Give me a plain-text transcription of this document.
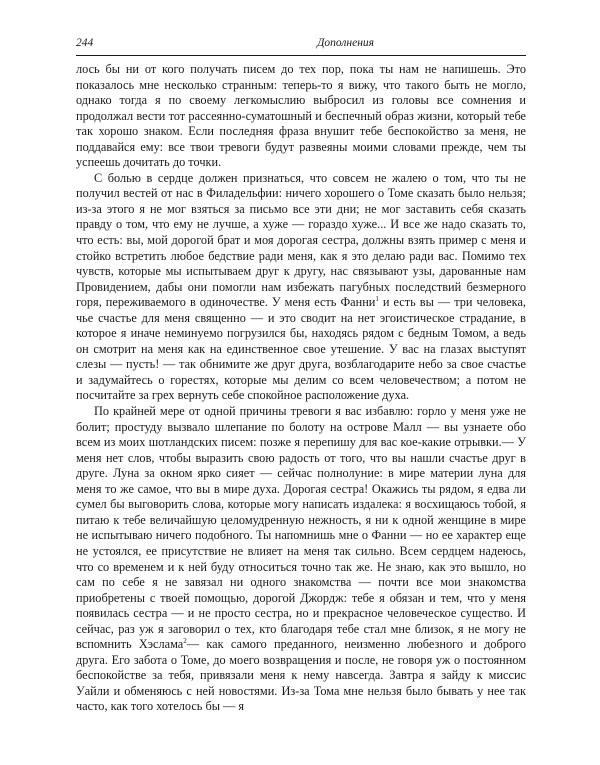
244	Дополнения

лось бы ни от кого получать писем до тех пор, пока ты нам не напишешь. Это показалось мне несколько странным: теперь-то я вижу, что такого быть не могло, однако тогда я по своему легкомыслию выбросил из головы все сомнения и продолжал вести тот рассеянно-суматошный и беспечный образ жизни, который тебе так хорошо знаком. Если последняя фраза внушит тебе беспокойство за меня, не поддавайся ему: все твои тревоги будут развеяны моими словами прежде, чем ты успеешь дочитать до точки.

С болью в сердце должен признаться, что совсем не жалею о том, что ты не получил вестей от нас в Филадельфии: ничего хорошего о Томе сказать было нельзя; из-за этого я не мог взяться за письмо все эти дни; не мог заставить себя сказать правду о том, что ему не лучше, а хуже — гораздо хуже... И все же надо сказать то, что есть: вы, мой дорогой брат и моя дорогая сестра, должны взять пример с меня и стойко встретить любое бедствие ради меня, как я это делаю ради вас. Помимо тех чувств, которые мы испытываем друг к другу, нас связывают узы, дарованные нам Провидением, дабы они помогли нам избежать пагубных последствий безмерного горя, переживаемого в одиночестве. У меня есть Фанни$^1$ и есть вы — три человека, чье счастье для меня священно — и это сводит на нет эгоистическое страдание, в которое я иначе неминуемо погрузился бы, находясь рядом с бедным Томом, а ведь он смотрит на меня как на единственное свое утешение. У вас на глазах выступят слезы — пусть! — так обнимите же друг друга, возблагодарите небо за свое счастье и задумайтесь о горестях, которые мы делим со всем человечеством; а потом не посчитайте за грех вернуть себе спокойное расположение духа.

По крайней мере от одной причины тревоги я вас избавлю: горло у меня уже не болит; простуду вызвало шлепание по болоту на острове Малл — вы узнаете обо всем из моих шотландских писем: позже я перепишу для вас кое-какие отрывки.— У меня нет слов, чтобы выразить свою радость от того, что вы нашли счастье друг в друге. Луна за окном ярко сияет — сейчас полнолуние: в мире материи луна для меня то же самое, что вы в мире духа. Дорогая сестра! Окажись ты рядом, я едва ли сумел бы выговорить слова, которые могу написать издалека: я восхищаюсь тобой, я питаю к тебе величайшую целомудренную нежность, я ни к одной женщине в мире не испытываю ничего подобного. Ты напомнишь мне о Фанни — но ее характер еще не устоялся, ее присутствие не влияет на меня так сильно. Всем сердцем надеюсь, что со временем и к ней буду относиться точно так же. Не знаю, как это вышло, но сам по себе я не завязал ни одного знакомства — почти все мои знакомства приобретены с твоей помощью, дорогой Джордж: тебе я обязан и тем, что у меня появилась сестра — и не просто сестра, но и прекрасное человеческое существо. И сейчас, раз уж я заговорил о тех, кто благодаря тебе стал мне близок, я не могу не вспомнить Хэслама$^2$— как самого преданного, неизменно любезного и доброго друга. Его забота о Томе, до моего возвращения и после, не говоря уж о постоянном беспокойстве за тебя, привязали меня к нему навсегда. Завтра я зайду к миссис Уайли и обменяюсь с ней новостями. Из-за Тома мне нельзя было бывать у нее так часто, как того хотелось бы — я
